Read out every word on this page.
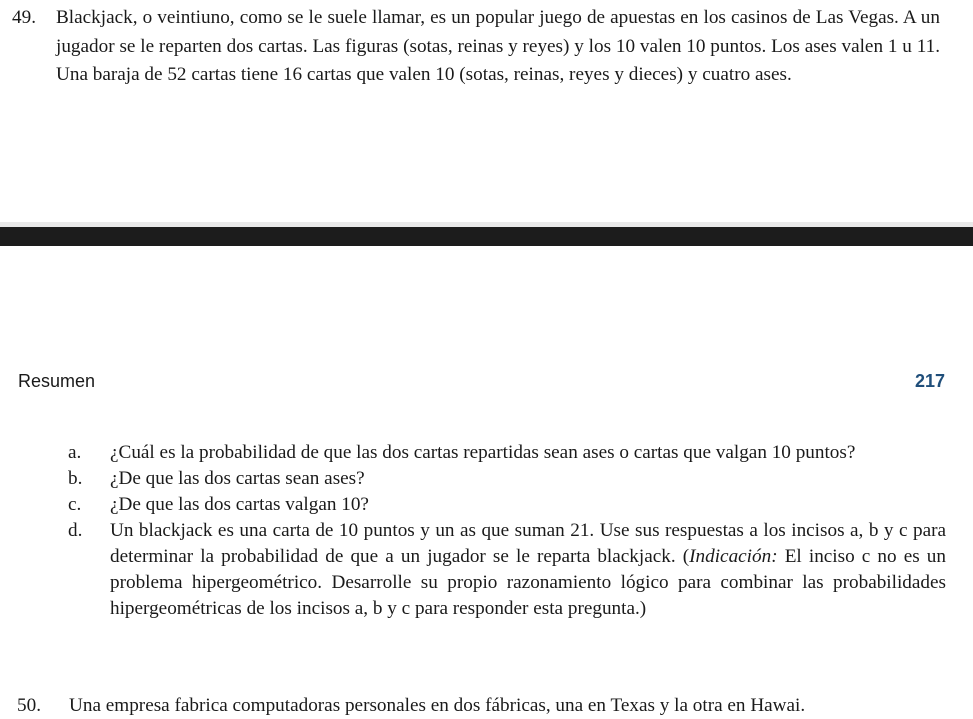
49. Blackjack, o veintiuno, como se le suele llamar, es un popular juego de apuestas en los casinos de Las Vegas. A un jugador se le reparten dos cartas. Las figuras (sotas, reinas y reyes) y los 10 valen 10 puntos. Los ases valen 1 u 11. Una baraja de 52 cartas tiene 16 cartas que valen 10 (sotas, reinas, reyes y dieces) y cuatro ases.
Resumen	217
a. ¿Cuál es la probabilidad de que las dos cartas repartidas sean ases o cartas que valgan 10 puntos?
b. ¿De que las dos cartas sean ases?
c. ¿De que las dos cartas valgan 10?
d. Un blackjack es una carta de 10 puntos y un as que suman 21. Use sus respuestas a los incisos a, b y c para determinar la probabilidad de que a un jugador se le reparta blackjack. (Indicación: El inciso c no es un problema hipergeométrico. Desarrolle su propio razonamiento lógico para combinar las probabilidades hipergeométricas de los incisos a, b y c para responder esta pregunta.)
50. Una empresa fabrica computadoras personales en dos fábricas, una en Texas y la otra en Hawai.
